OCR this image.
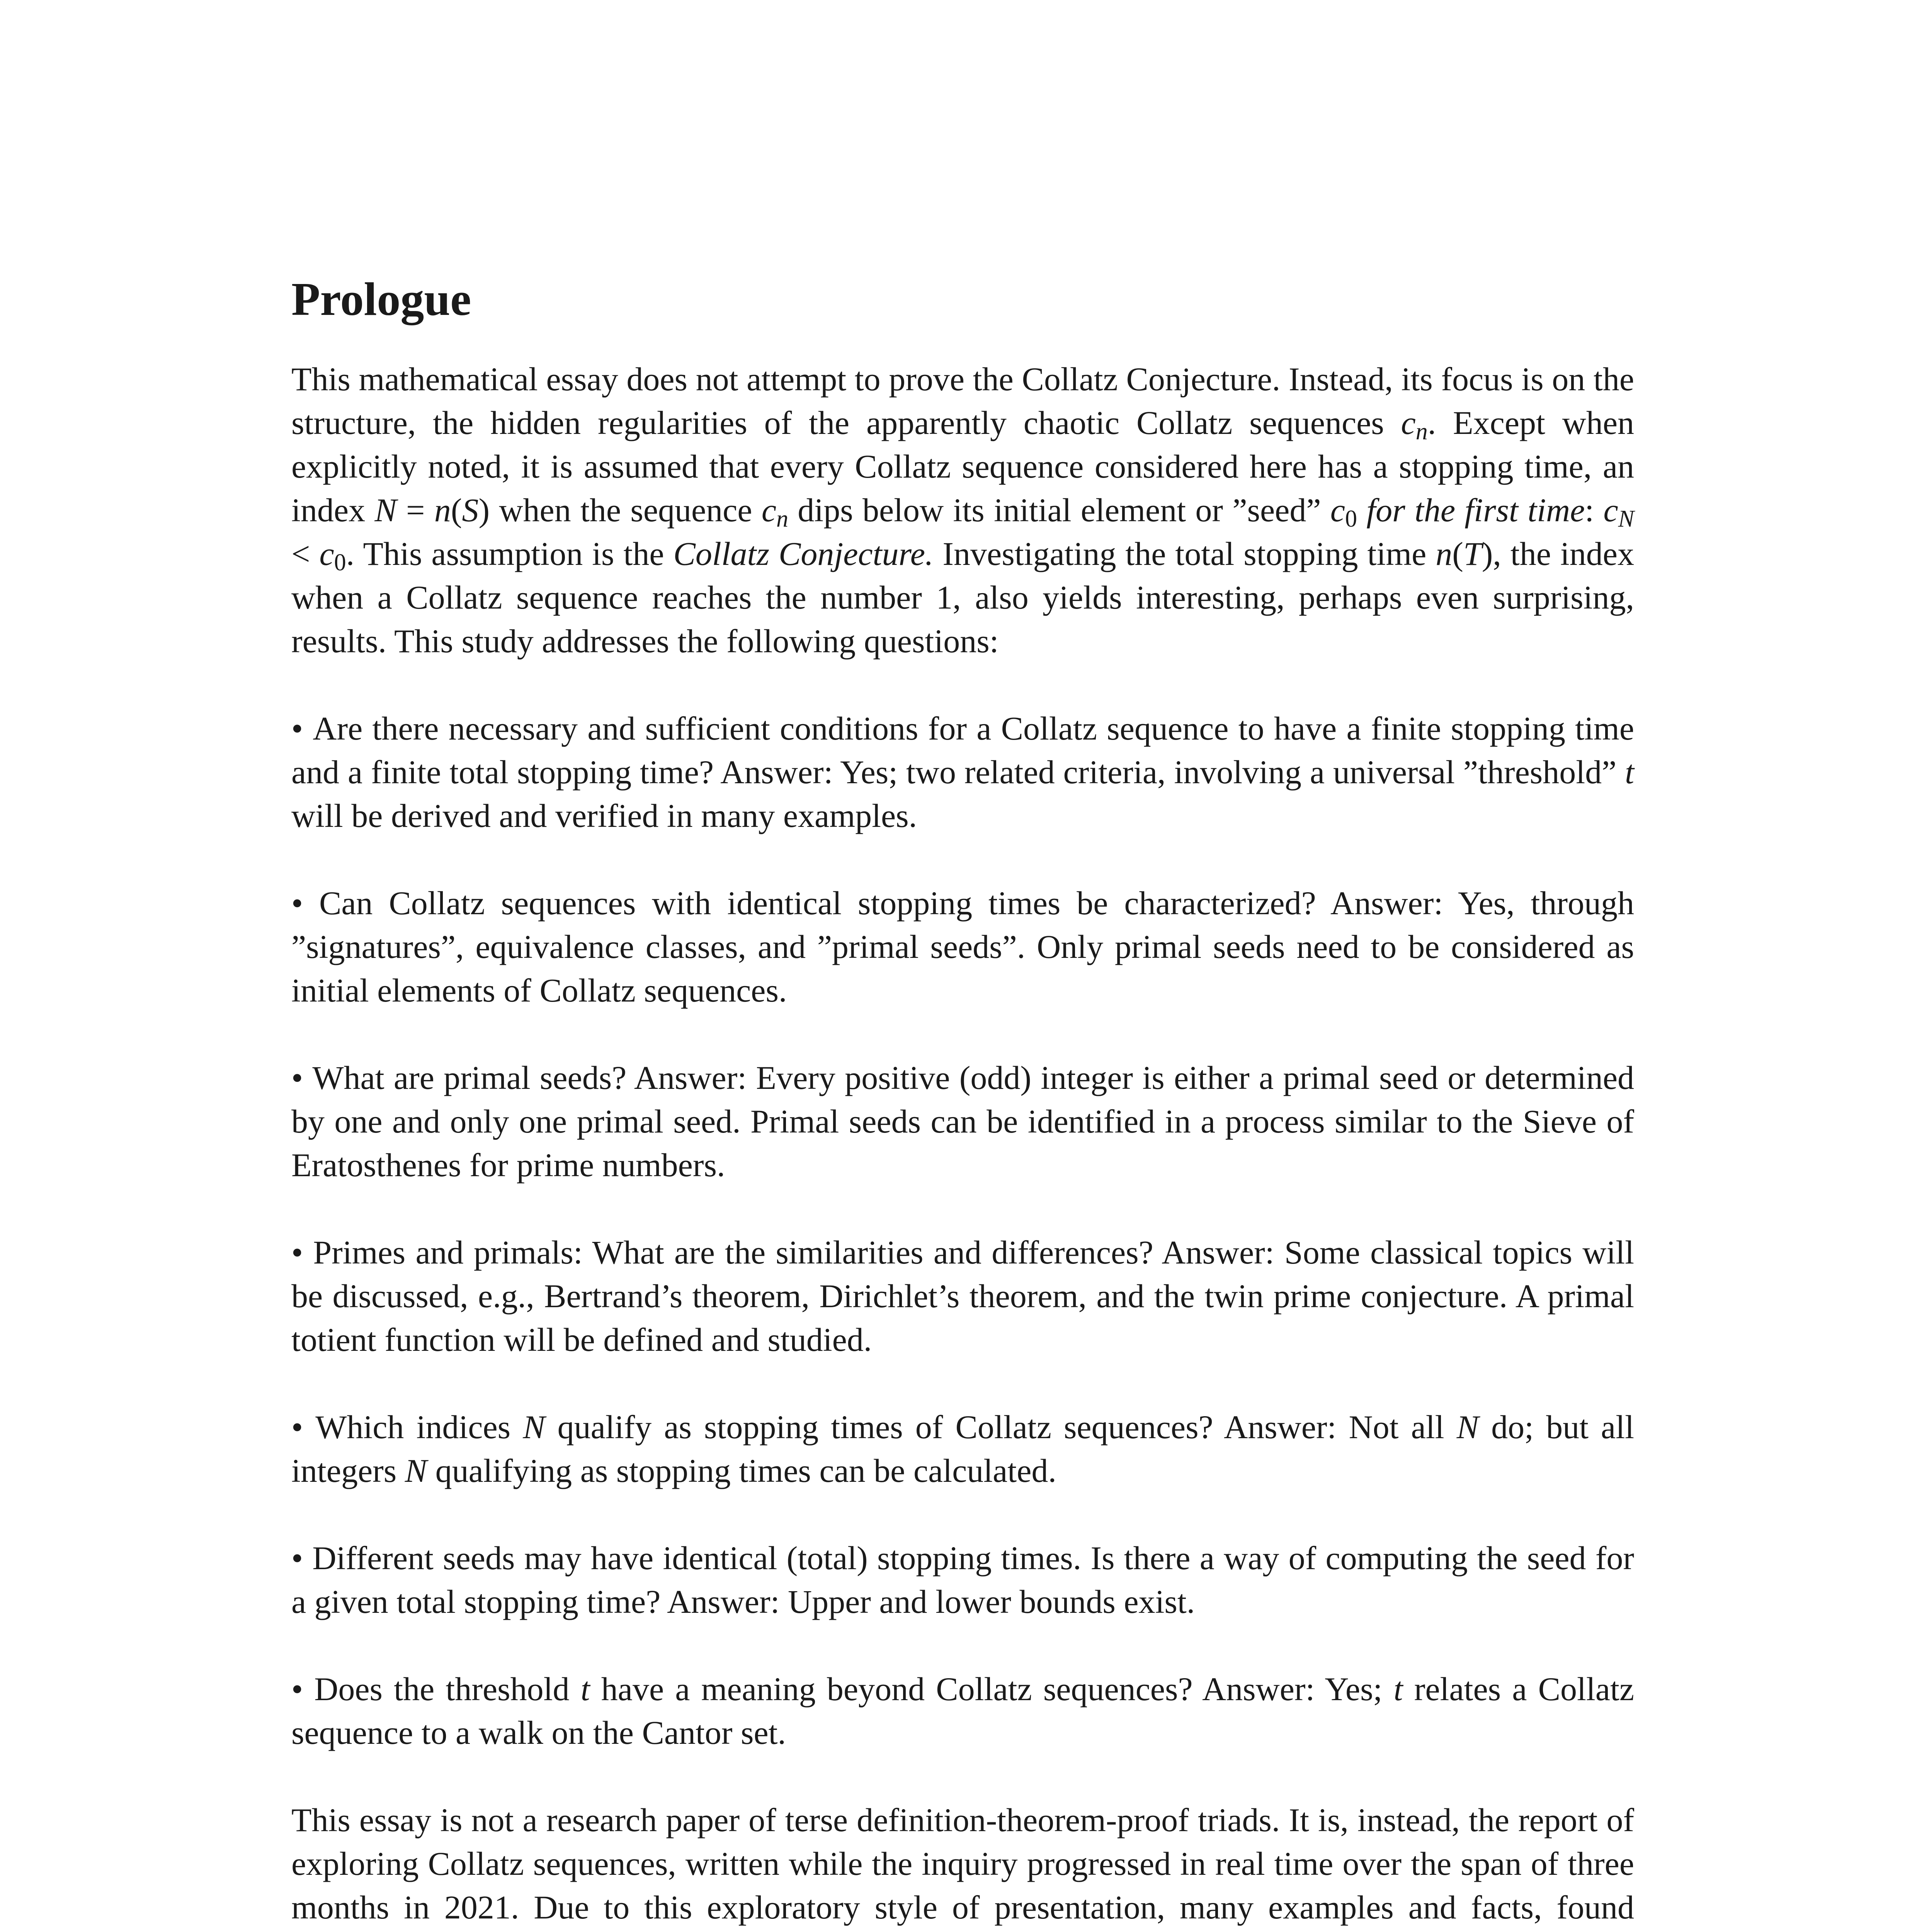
Prologue

This mathematical essay does not attempt to prove the Collatz Conjecture. Instead, its focus is on the structure, the hidden regularities of the apparently chaotic Collatz sequences $c_n$. Except when explicitly noted, it is assumed that every Collatz sequence considered here has a stopping time, an index N = n(S) when the sequence $c_n$ dips below its initial element or ”seed” $c_0$ for the first time: $c_N < c_0$. This assumption is the Collatz Conjecture. Investigating the total stopping time n(T), the index when a Collatz sequence reaches the number 1, also yields interesting, perhaps even surprising, results. This study addresses the following questions:

• Are there necessary and sufficient conditions for a Collatz sequence to have a finite stopping time and a finite total stopping time? Answer: Yes; two related criteria, involving a universal ”threshold” t will be derived and verified in many examples.

• Can Collatz sequences with identical stopping times be characterized? Answer: Yes, through ”signatures”, equivalence classes, and ”primal seeds”. Only primal seeds need to be considered as initial elements of Collatz sequences.

• What are primal seeds? Answer: Every positive (odd) integer is either a primal seed or determined by one and only one primal seed. Primal seeds can be identified in a process similar to the Sieve of Eratosthenes for prime numbers.

• Primes and primals: What are the similarities and differences? Answer: Some classical topics will be discussed, e.g., Bertrand’s theorem, Dirichlet’s theorem, and the twin prime conjecture. A primal totient function will be defined and studied.

• Which indices N qualify as stopping times of Collatz sequences? Answer: Not all N do; but all integers N qualifying as stopping times can be calculated.

• Different seeds may have identical (total) stopping times. Is there a way of computing the seed for a given total stopping time? Answer: Upper and lower bounds exist.

• Does the threshold t have a meaning beyond Collatz sequences? Answer: Yes; t relates a Collatz sequence to a walk on the Cantor set.

This essay is not a research paper of terse definition-theorem-proof triads. It is, instead, the report of exploring Collatz sequences, written while the inquiry progressed in real time over the span of three months in 2021. Due to this exploratory style of presentation, many examples and facts, found
